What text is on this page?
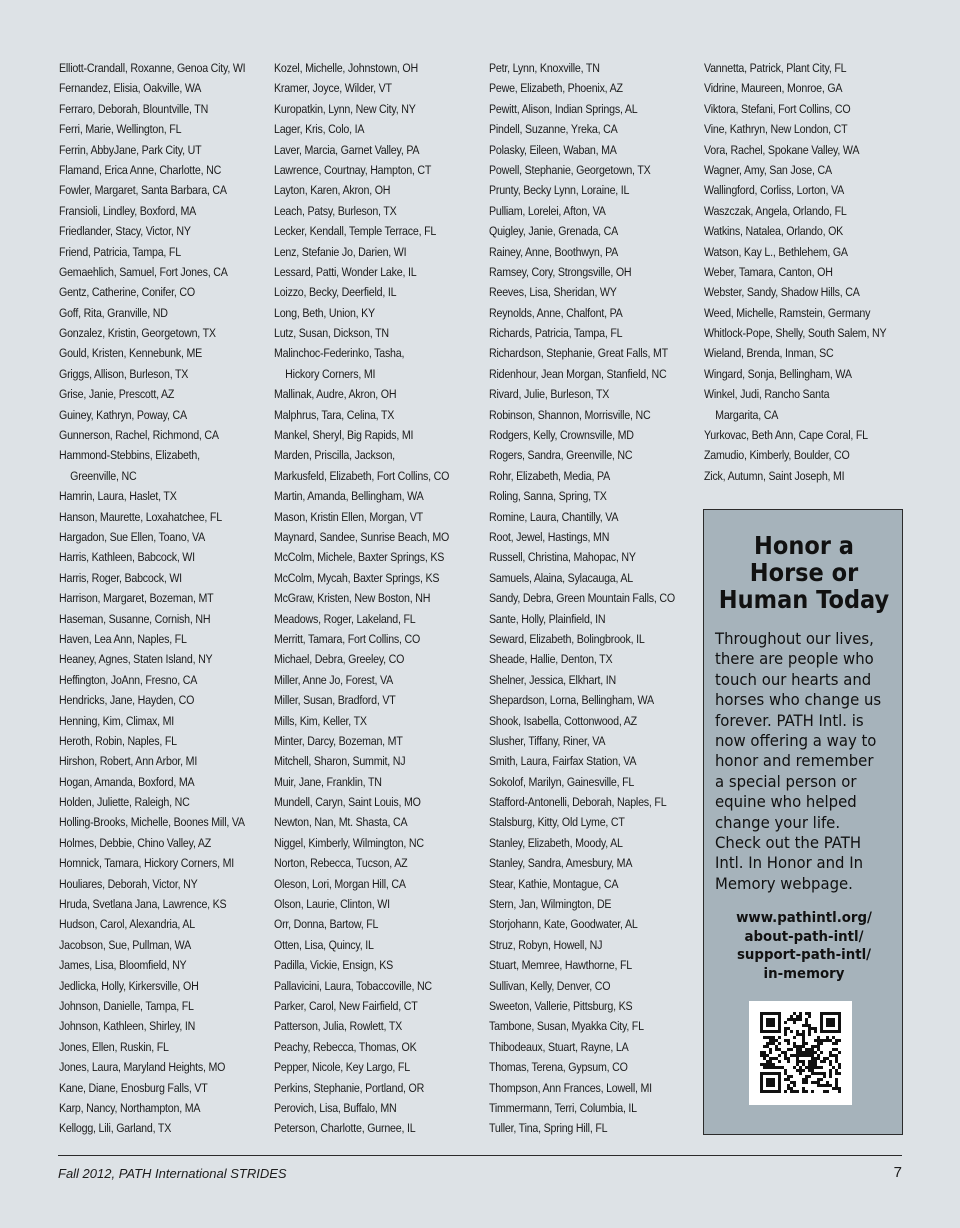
Elliott-Crandall, Roxanne, Genoa City, WI
Fernandez, Elisia, Oakville, WA
Ferraro, Deborah, Blountville, TN
Ferri, Marie, Wellington, FL
Ferrin, AbbyJane, Park City, UT
Flamand, Erica Anne, Charlotte, NC
Fowler, Margaret, Santa Barbara, CA
Fransioli, Lindley, Boxford, MA
Friedlander, Stacy, Victor, NY
Friend, Patricia, Tampa, FL
Gemaehlich, Samuel, Fort Jones, CA
Gentz, Catherine, Conifer, CO
Goff, Rita, Granville, ND
Gonzalez, Kristin, Georgetown, TX
Gould, Kristen, Kennebunk, ME
Griggs, Allison, Burleson, TX
Grise, Janie, Prescott, AZ
Guiney, Kathryn, Poway, CA
Gunnerson, Rachel, Richmond, CA
Hammond-Stebbins, Elizabeth,
Greenville, NC
Hamrin, Laura, Haslet, TX
Hanson, Maurette, Loxahatchee, FL
Hargadon, Sue Ellen, Toano, VA
Harris, Kathleen, Babcock, WI
Harris, Roger, Babcock, WI
Harrison, Margaret, Bozeman, MT
Haseman, Susanne, Cornish, NH
Haven, Lea Ann, Naples, FL
Heaney, Agnes, Staten Island, NY
Heffington, JoAnn, Fresno, CA
Hendricks, Jane, Hayden, CO
Henning, Kim, Climax, MI
Heroth, Robin, Naples, FL
Hirshon, Robert, Ann Arbor, MI
Hogan, Amanda, Boxford, MA
Holden, Juliette, Raleigh, NC
Holling-Brooks, Michelle, Boones Mill, VA
Holmes, Debbie, Chino Valley, AZ
Homnick, Tamara, Hickory Corners, MI
Houliares, Deborah, Victor, NY
Hruda, Svetlana Jana, Lawrence, KS
Hudson, Carol, Alexandria, AL
Jacobson, Sue, Pullman, WA
James, Lisa, Bloomfield, NY
Jedlicka, Holly, Kirkersville, OH
Johnson, Danielle, Tampa, FL
Johnson, Kathleen, Shirley, IN
Jones, Ellen, Ruskin, FL
Jones, Laura, Maryland Heights, MO
Kane, Diane, Enosburg Falls, VT
Karp, Nancy, Northampton, MA
Kellogg, Lili, Garland, TX
Kozel, Michelle, Johnstown, OH
Kramer, Joyce, Wilder, VT
Kuropatkin, Lynn, New City, NY
Lager, Kris, Colo, IA
Laver, Marcia, Garnet Valley, PA
Lawrence, Courtnay, Hampton, CT
Layton, Karen, Akron, OH
Leach, Patsy, Burleson, TX
Lecker, Kendall, Temple Terrace, FL
Lenz, Stefanie Jo, Darien, WI
Lessard, Patti, Wonder Lake, IL
Loizzo, Becky, Deerfield, IL
Long, Beth, Union, KY
Lutz, Susan, Dickson, TN
Malinchoc-Federinko, Tasha,
Hickory Corners, MI
Mallinak, Audre, Akron, OH
Malphrus, Tara, Celina, TX
Mankel, Sheryl, Big Rapids, MI
Marden, Priscilla, Jackson,
Markusfeld, Elizabeth, Fort Collins, CO
Martin, Amanda, Bellingham, WA
Mason, Kristin Ellen, Morgan, VT
Maynard, Sandee, Sunrise Beach, MO
McColm, Michele, Baxter Springs, KS
McColm, Mycah, Baxter Springs, KS
McGraw, Kristen, New Boston, NH
Meadows, Roger, Lakeland, FL
Merritt, Tamara, Fort Collins, CO
Michael, Debra, Greeley, CO
Miller, Anne Jo, Forest, VA
Miller, Susan, Bradford, VT
Mills, Kim, Keller, TX
Minter, Darcy, Bozeman, MT
Mitchell, Sharon, Summit, NJ
Muir, Jane, Franklin, TN
Mundell, Caryn, Saint Louis, MO
Newton, Nan, Mt. Shasta, CA
Niggel, Kimberly, Wilmington, NC
Norton, Rebecca, Tucson, AZ
Oleson, Lori, Morgan Hill, CA
Olson, Laurie, Clinton, WI
Orr, Donna, Bartow, FL
Otten, Lisa, Quincy, IL
Padilla, Vickie, Ensign, KS
Pallavicini, Laura, Tobaccoville, NC
Parker, Carol, New Fairfield, CT
Patterson, Julia, Rowlett, TX
Peachy, Rebecca, Thomas, OK
Pepper, Nicole, Key Largo, FL
Perkins, Stephanie, Portland, OR
Perovich, Lisa, Buffalo, MN
Peterson, Charlotte, Gurnee, IL
Petr, Lynn, Knoxville, TN
Pewe, Elizabeth, Phoenix, AZ
Pewitt, Alison, Indian Springs, AL
Pindell, Suzanne, Yreka, CA
Polasky, Eileen, Waban, MA
Powell, Stephanie, Georgetown, TX
Prunty, Becky Lynn, Loraine, IL
Pulliam, Lorelei, Afton, VA
Quigley, Janie, Grenada, CA
Rainey, Anne, Boothwyn, PA
Ramsey, Cory, Strongsville, OH
Reeves, Lisa, Sheridan, WY
Reynolds, Anne, Chalfont, PA
Richards, Patricia, Tampa, FL
Richardson, Stephanie, Great Falls, MT
Ridenhour, Jean Morgan, Stanfield, NC
Rivard, Julie, Burleson, TX
Robinson, Shannon, Morrisville, NC
Rodgers, Kelly, Crownsville, MD
Rogers, Sandra, Greenville, NC
Rohr, Elizabeth, Media, PA
Roling, Sanna, Spring, TX
Romine, Laura, Chantilly, VA
Root, Jewel, Hastings, MN
Russell, Christina, Mahopac, NY
Samuels, Alaina, Sylacauga, AL
Sandy, Debra, Green Mountain Falls, CO
Sante, Holly, Plainfield, IN
Seward, Elizabeth, Bolingbrook, IL
Sheade, Hallie, Denton, TX
Shelner, Jessica, Elkhart, IN
Shepardson, Lorna, Bellingham, WA
Shook, Isabella, Cottonwood, AZ
Slusher, Tiffany, Riner, VA
Smith, Laura, Fairfax Station, VA
Sokolof, Marilyn, Gainesville, FL
Stafford-Antonelli, Deborah, Naples, FL
Stalsburg, Kitty, Old Lyme, CT
Stanley, Elizabeth, Moody, AL
Stanley, Sandra, Amesbury, MA
Stear, Kathie, Montague, CA
Stern, Jan, Wilmington, DE
Storjohann, Kate, Goodwater, AL
Struz, Robyn, Howell, NJ
Stuart, Memree, Hawthorne, FL
Sullivan, Kelly, Denver, CO
Sweeton, Vallerie, Pittsburg, KS
Tambone, Susan, Myakka City, FL
Thibodeaux, Stuart, Rayne, LA
Thomas, Terena, Gypsum, CO
Thompson, Ann Frances, Lowell, MI
Timmermann, Terri, Columbia, IL
Tuller, Tina, Spring Hill, FL
Vannetta, Patrick, Plant City, FL
Vidrine, Maureen, Monroe, GA
Viktora, Stefani, Fort Collins, CO
Vine, Kathryn, New London, CT
Vora, Rachel, Spokane Valley, WA
Wagner, Amy, San Jose, CA
Wallingford, Corliss, Lorton, VA
Waszczak, Angela, Orlando, FL
Watkins, Natalea, Orlando, OK
Watson, Kay L., Bethlehem, GA
Weber, Tamara, Canton, OH
Webster, Sandy, Shadow Hills, CA
Weed, Michelle, Ramstein, Germany
Whitlock-Pope, Shelly, South Salem, NY
Wieland, Brenda, Inman, SC
Wingard, Sonja, Bellingham, WA
Winkel, Judi, Rancho Santa
Margarita, CA
Yurkovac, Beth Ann, Cape Coral, FL
Zamudio, Kimberly, Boulder, CO
Zick, Autumn, Saint Joseph, MI
Honor a
Horse or
Human Today
Throughout our lives,
there are people who
touch our hearts and
horses who change us
forever. PATH Intl. is
now offering a way to
honor and remember
a special person or
equine who helped
change your life.
Check out the PATH
Intl. In Honor and In
Memory webpage.
www.pathintl.org/
about-path-intl/
support-path-intl/
in-memory
Fall 2012, PATH International STRIDES	7
